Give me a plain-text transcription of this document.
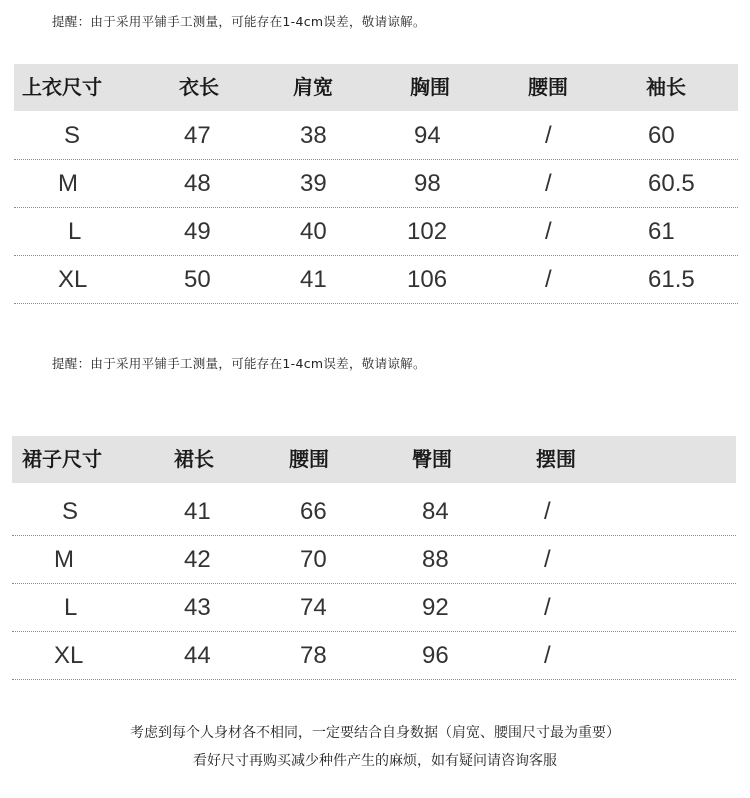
提醒：由于采用平铺手工测量，可能存在1-4cm误差，敬请谅解。
上衣尺寸	衣长	肩宽	胸围	腰围	袖长
S	47	38	94	/	60
M	48	39	98	/	60.5
L	49	40	102	/	61
XL	50	41	106	/	61.5
提醒：由于采用平铺手工测量，可能存在1-4cm误差，敬请谅解。
裙子尺寸	裙长	腰围	臀围	摆围
S	41	66	84	/
M	42	70	88	/
L	43	74	92	/
XL	44	78	96	/
考虑到每个人身材各不相同，一定要结合自身数据（肩宽、腰围尺寸最为重要）
看好尺寸再购买减少种件产生的麻烦，如有疑问请咨询客服
